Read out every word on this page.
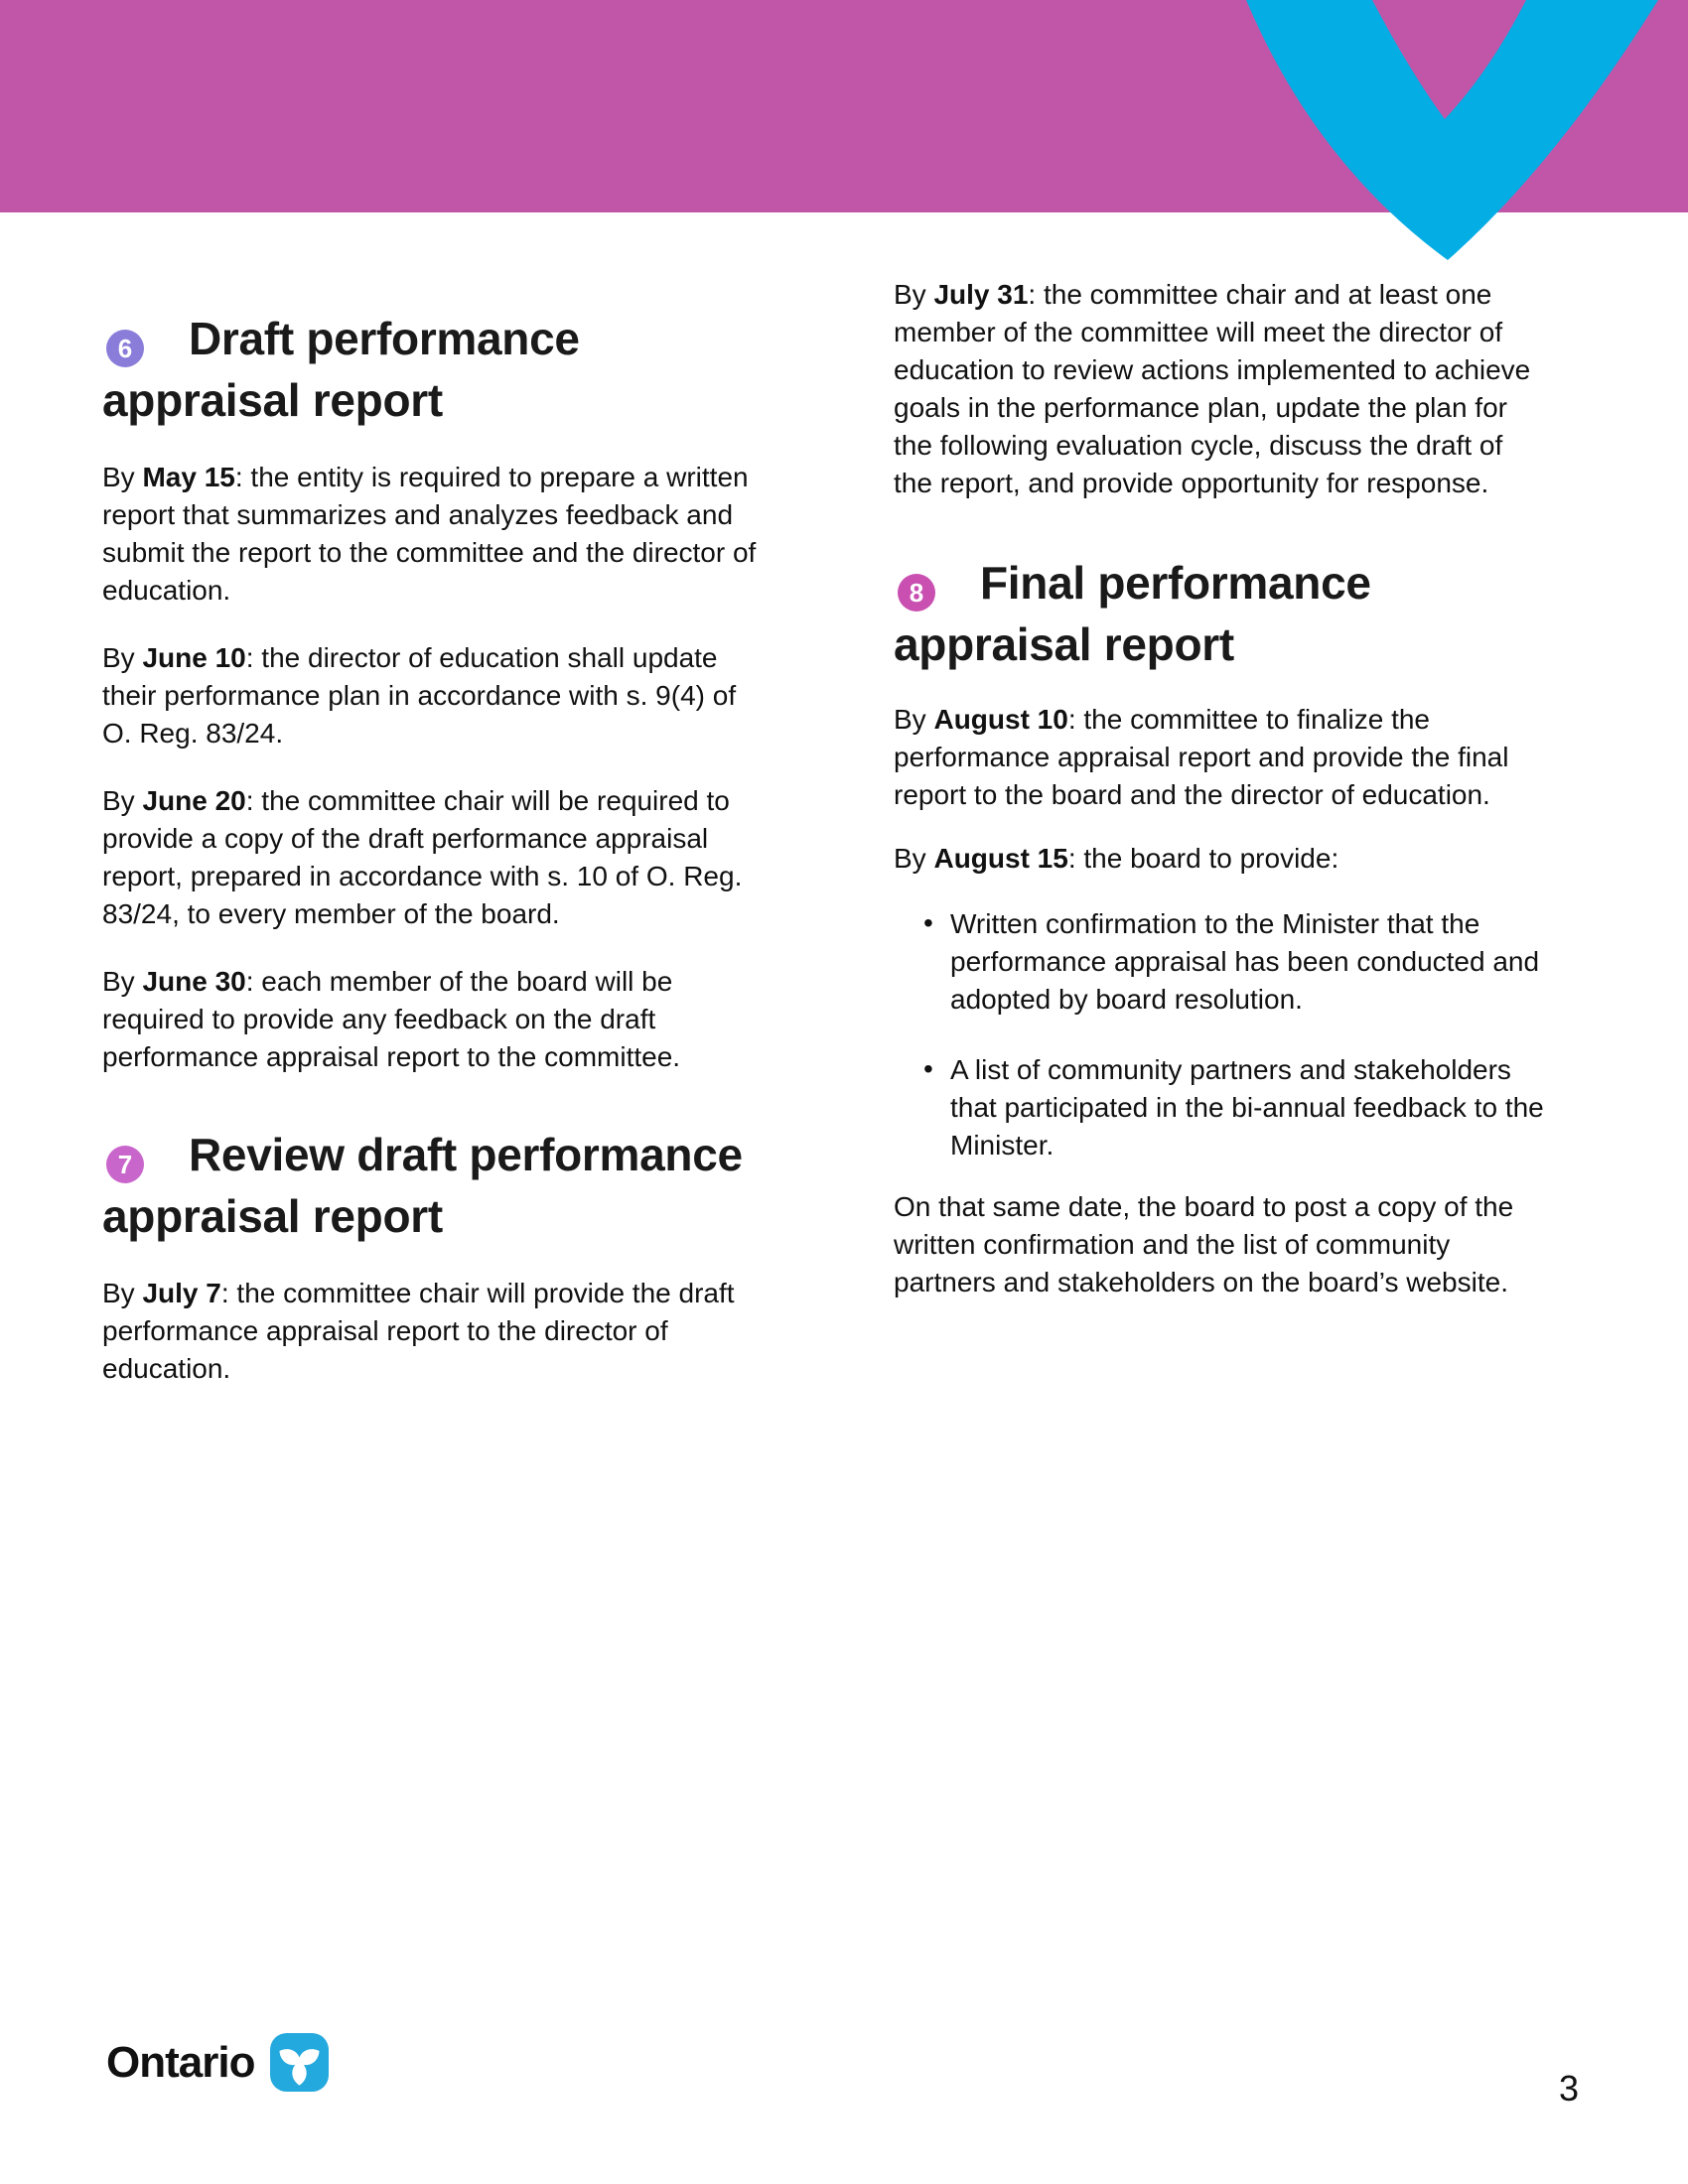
6 Draft performance appraisal report

By May 15: the entity is required to prepare a written report that summarizes and analyzes feedback and submit the report to the committee and the director of education.

By June 10: the director of education shall update their performance plan in accordance with s. 9(4) of O. Reg. 83/24.

By June 20: the committee chair will be required to provide a copy of the draft performance appraisal report, prepared in accordance with s. 10 of O. Reg. 83/24, to every member of the board.

By June 30: each member of the board will be required to provide any feedback on the draft performance appraisal report to the committee.

7 Review draft performance appraisal report

By July 7: the committee chair will provide the draft performance appraisal report to the director of education.

By July 31: the committee chair and at least one member of the committee will meet the director of education to review actions implemented to achieve goals in the performance plan, update the plan for the following evaluation cycle, discuss the draft of the report, and provide opportunity for response.

8 Final performance appraisal report

By August 10: the committee to finalize the performance appraisal report and provide the final report to the board and the director of education.

By August 15: the board to provide:

• Written confirmation to the Minister that the performance appraisal has been conducted and adopted by board resolution.
• A list of community partners and stakeholders that participated in the bi-annual feedback to the Minister.

On that same date, the board to post a copy of the written confirmation and the list of community partners and stakeholders on the board’s website.

Ontario
3
